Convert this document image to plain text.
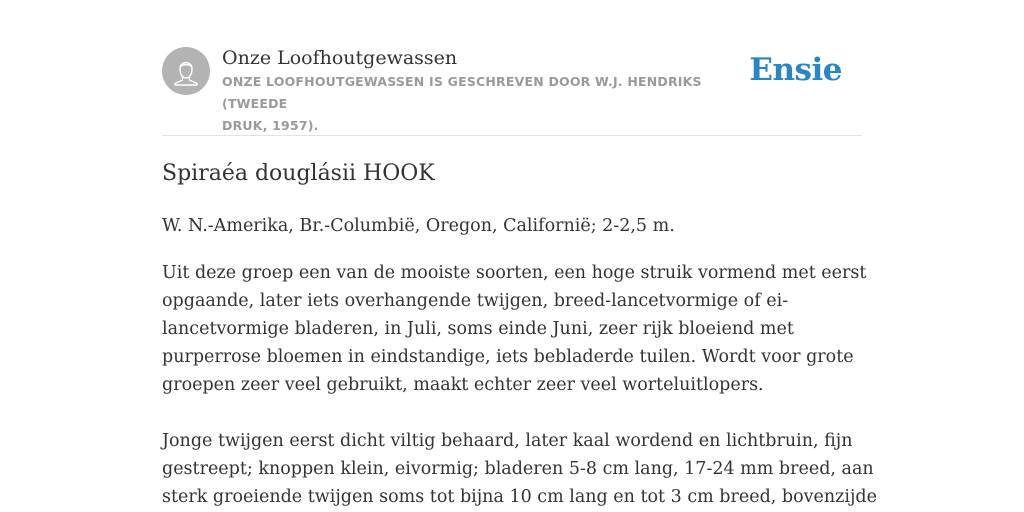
Onze Loofhoutgewassen
ONZE LOOFHOUTGEWASSEN IS GESCHREVEN DOOR W.J. HENDRIKS (TWEEDE
DRUK, 1957).
Ensie
Spiraéa douglásii HOOK

W. N.-Amerika, Br.-Columbië, Oregon, Californië; 2-2,5 m.

Uit deze groep een van de mooiste soorten, een hoge struik vormend met eerst

opgaande, later iets overhangende twijgen, breed-lancetvormige of ei-

lancetvormige bladeren, in Juli, soms einde Juni, zeer rijk bloeiend met

purperrose bloemen in eindstandige, iets bebladerde tuilen. Wordt voor grote

groepen zeer veel gebruikt, maakt echter zeer veel worteluitlopers.

Jonge twijgen eerst dicht viltig behaard, later kaal wordend en lichtbruin, fijn

gestreept; knoppen klein, eivormig; bladeren 5-8 cm lang, 17-24 mm breed, aan

sterk groeiende twijgen soms tot bijna 10 cm lang en tot 3 cm breed, bovenzijde
